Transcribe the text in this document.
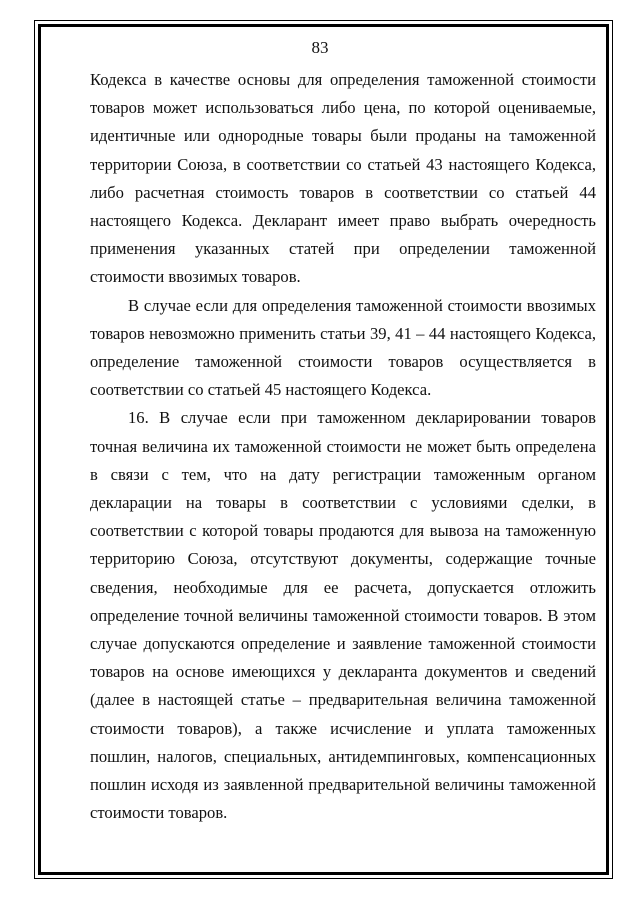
83

Кодекса в качестве основы для определения таможенной стоимости товаров может использоваться либо цена, по которой оцениваемые, идентичные или однородные товары были проданы на таможенной территории Союза, в соответствии со статьей 43 настоящего Кодекса, либо расчетная стоимость товаров в соответствии со статьей 44 настоящего Кодекса. Декларант имеет право выбрать очередность применения указанных статей при определении таможенной стоимости ввозимых товаров.

В случае если для определения таможенной стоимости ввозимых товаров невозможно применить статьи 39, 41 – 44 настоящего Кодекса, определение таможенной стоимости товаров осуществляется в соответствии со статьей 45 настоящего Кодекса.

16. В случае если при таможенном декларировании товаров точная величина их таможенной стоимости не может быть определена в связи с тем, что на дату регистрации таможенным органом декларации на товары в соответствии с условиями сделки, в соответствии с которой товары продаются для вывоза на таможенную территорию Союза, отсутствуют документы, содержащие точные сведения, необходимые для ее расчета, допускается отложить определение точной величины таможенной стоимости товаров. В этом случае допускаются определение и заявление таможенной стоимости товаров на основе имеющихся у декларанта документов и сведений (далее в настоящей статье – предварительная величина таможенной стоимости товаров), а также исчисление и уплата таможенных пошлин, налогов, специальных, антидемпинговых, компенсационных пошлин исходя из заявленной предварительной величины таможенной стоимости товаров.
